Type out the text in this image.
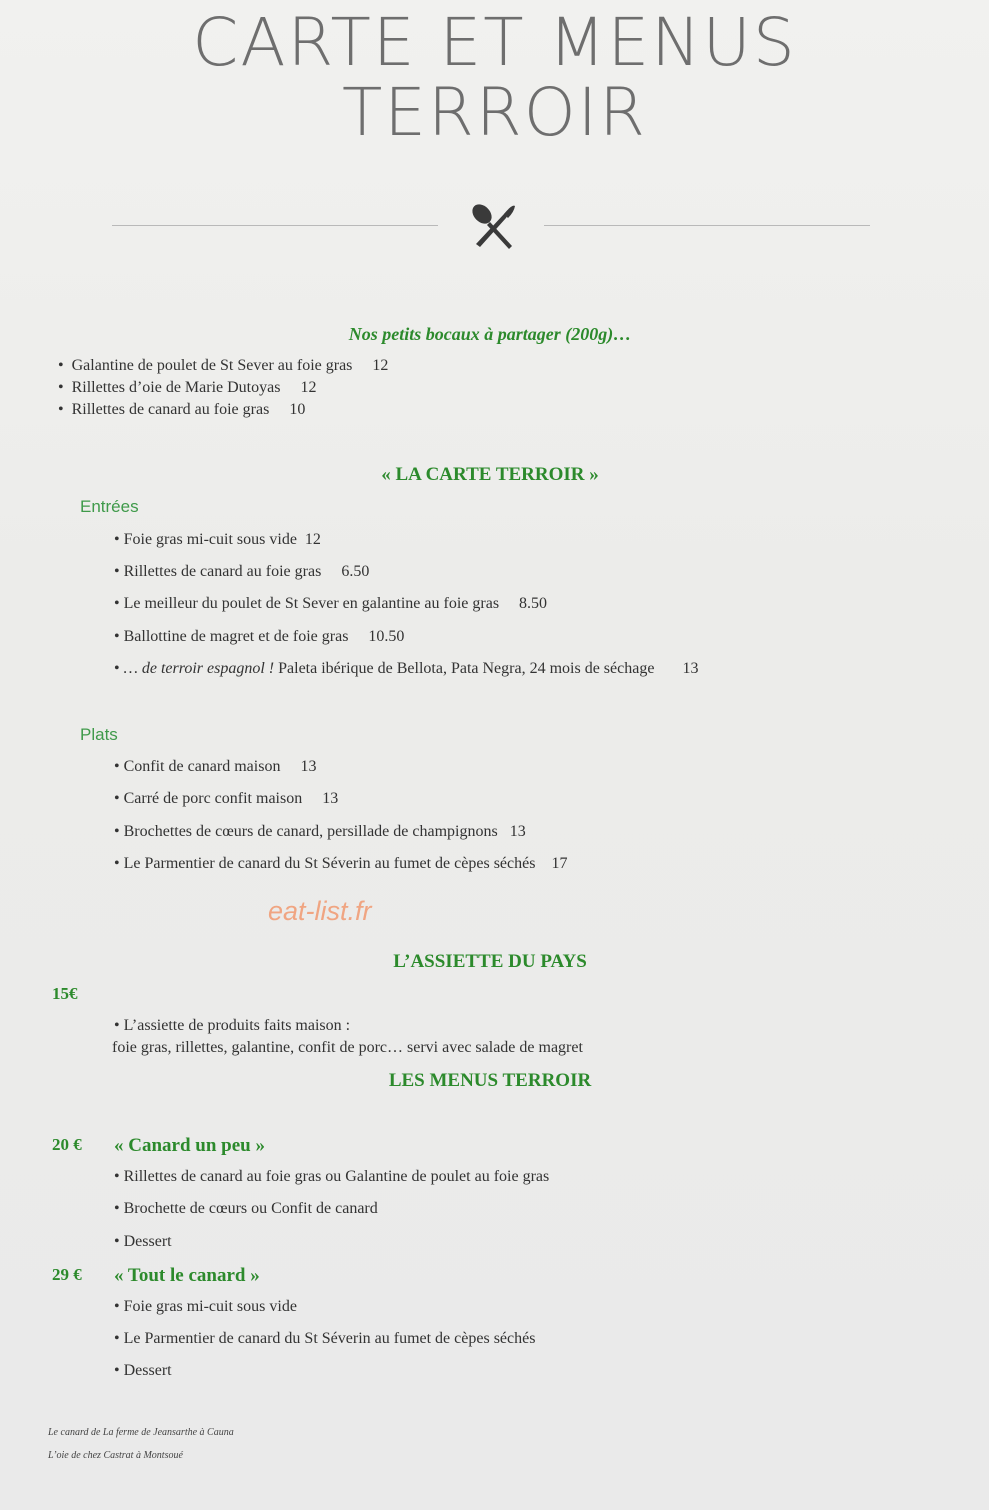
CARTE ET MENUS
TERROIR
Nos petits bocaux à partager (200g)…
•  Galantine de poulet de St Sever au foie gras 12
•  Rillettes d’oie de Marie Dutoyas 12
•  Rillettes de canard au foie gras 10
« LA CARTE TERROIR »
Entrées
• Foie gras mi-cuit sous vide 12
• Rillettes de canard au foie gras 6.50
• Le meilleur du poulet de St Sever en galantine au foie gras 8.50
• Ballottine de magret et de foie gras 10.50
• … de terroir espagnol ! Paleta ibérique de Bellota, Pata Negra, 24 mois de séchage 13
Plats
• Confit de canard maison 13
• Carré de porc confit maison 13
• Brochettes de cœurs de canard, persillade de champignons 13
• Le Parmentier de canard du St Séverin au fumet de cèpes séchés 17
eat-list.fr
L’ASSIETTE DU PAYS
15€
• L’assiette de produits faits maison :
foie gras, rillettes, galantine, confit de porc… servi avec salade de magret
LES MENUS TERROIR
20 € « Canard un peu »
• Rillettes de canard au foie gras ou Galantine de poulet au foie gras
• Brochette de cœurs ou Confit de canard
• Dessert
29 € « Tout le canard »
• Foie gras mi-cuit sous vide
• Le Parmentier de canard du St Séverin au fumet de cèpes séchés
• Dessert
Le canard de La ferme de Jeansarthe à Cauna
L’oie de chez Castrat à Montsoué
